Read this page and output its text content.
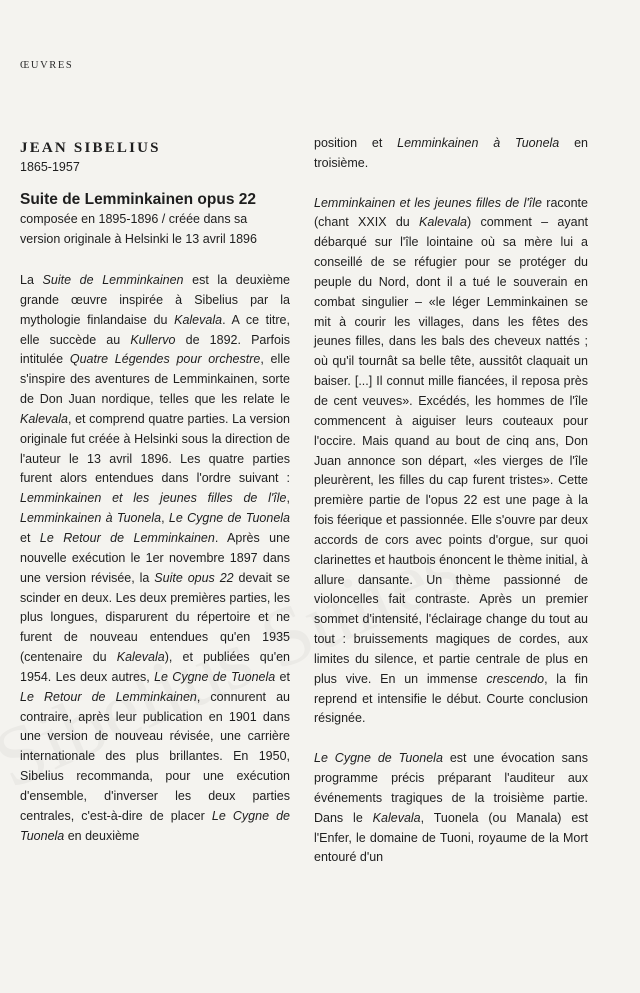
ŒUVRES
JEAN SIBELIUS

1865-1957

Suite de Lemminkainen opus 22

composée en 1895-1896 / créée dans sa version originale à Helsinki le 13 avril 1896

La Suite de Lemminkainen est la deuxième grande œuvre inspirée à Sibelius par la mythologie finlandaise du Kalevala. A ce titre, elle succède au Kullervo de 1892. Parfois intitulée Quatre Légendes pour orchestre, elle s'inspire des aventures de Lemminkainen, sorte de Don Juan nordique, telles que les relate le Kalevala, et comprend quatre parties. La version originale fut créée à Helsinki sous la direction de l'auteur le 13 avril 1896. Les quatre parties furent alors entendues dans l'ordre suivant : Lemminkainen et les jeunes filles de l'île, Lemminkainen à Tuonela, Le Cygne de Tuonela et Le Retour de Lemminkainen. Après une nouvelle exécution le 1er novembre 1897 dans une version révisée, la Suite opus 22 devait se scinder en deux. Les deux premières parties, les plus longues, disparurent du répertoire et ne furent de nouveau entendues qu'en 1935 (centenaire du Kalevala), et publiées qu'en 1954. Les deux autres, Le Cygne de Tuonela et Le Retour de Lemminkainen, connurent au contraire, après leur publication en 1901 dans une version de nouveau révisée, une carrière internationale des plus brillantes. En 1950, Sibelius recommanda, pour une exécution d'ensemble, d'inverser les deux parties centrales, c'est-à-dire de placer Le Cygne de Tuonela en deuxième

position et Lemminkainen à Tuonela en troisième.

Lemminkainen et les jeunes filles de l'île raconte (chant XXIX du Kalevala) comment – ayant débarqué sur l'île lointaine où sa mère lui a conseillé de se réfugier pour se protéger du peuple du Nord, dont il a tué le souverain en combat singulier – «le léger Lemminkainen se mit à courir les villages, dans les fêtes des jeunes filles, dans les bals des cheveux nattés ; où qu'il tournât sa belle tête, aussitôt claquait un baiser. [...] Il connut mille fiancées, il reposa près de cent veuves». Excédés, les hommes de l'île commencent à aiguiser leurs couteaux pour l'occire. Mais quand au bout de cinq ans, Don Juan annonce son départ, «les vierges de l'île pleurèrent, les filles du cap furent tristes». Cette première partie de l'opus 22 est une page à la fois féerique et passionnée. Elle s'ouvre par deux accords de cors avec points d'orgue, sur quoi clarinettes et hautbois énoncent le thème initial, à allure dansante. Un thème passionné de violoncelles fait contraste. Après un premier sommet d'intensité, l'éclairage change du tout au tout : bruissements magiques de cordes, aux limites du silence, et partie centrale de plus en plus vive. En un immense crescendo, la fin reprend et intensifie le début. Courte conclusion résignée.

Le Cygne de Tuonela est une évocation sans programme précis préparant l'auditeur aux événements tragiques de la troisième partie. Dans le Kalevala, Tuonela (ou Manala) est l'Enfer, le domaine de Tuoni, royaume de la Mort entouré d'un
